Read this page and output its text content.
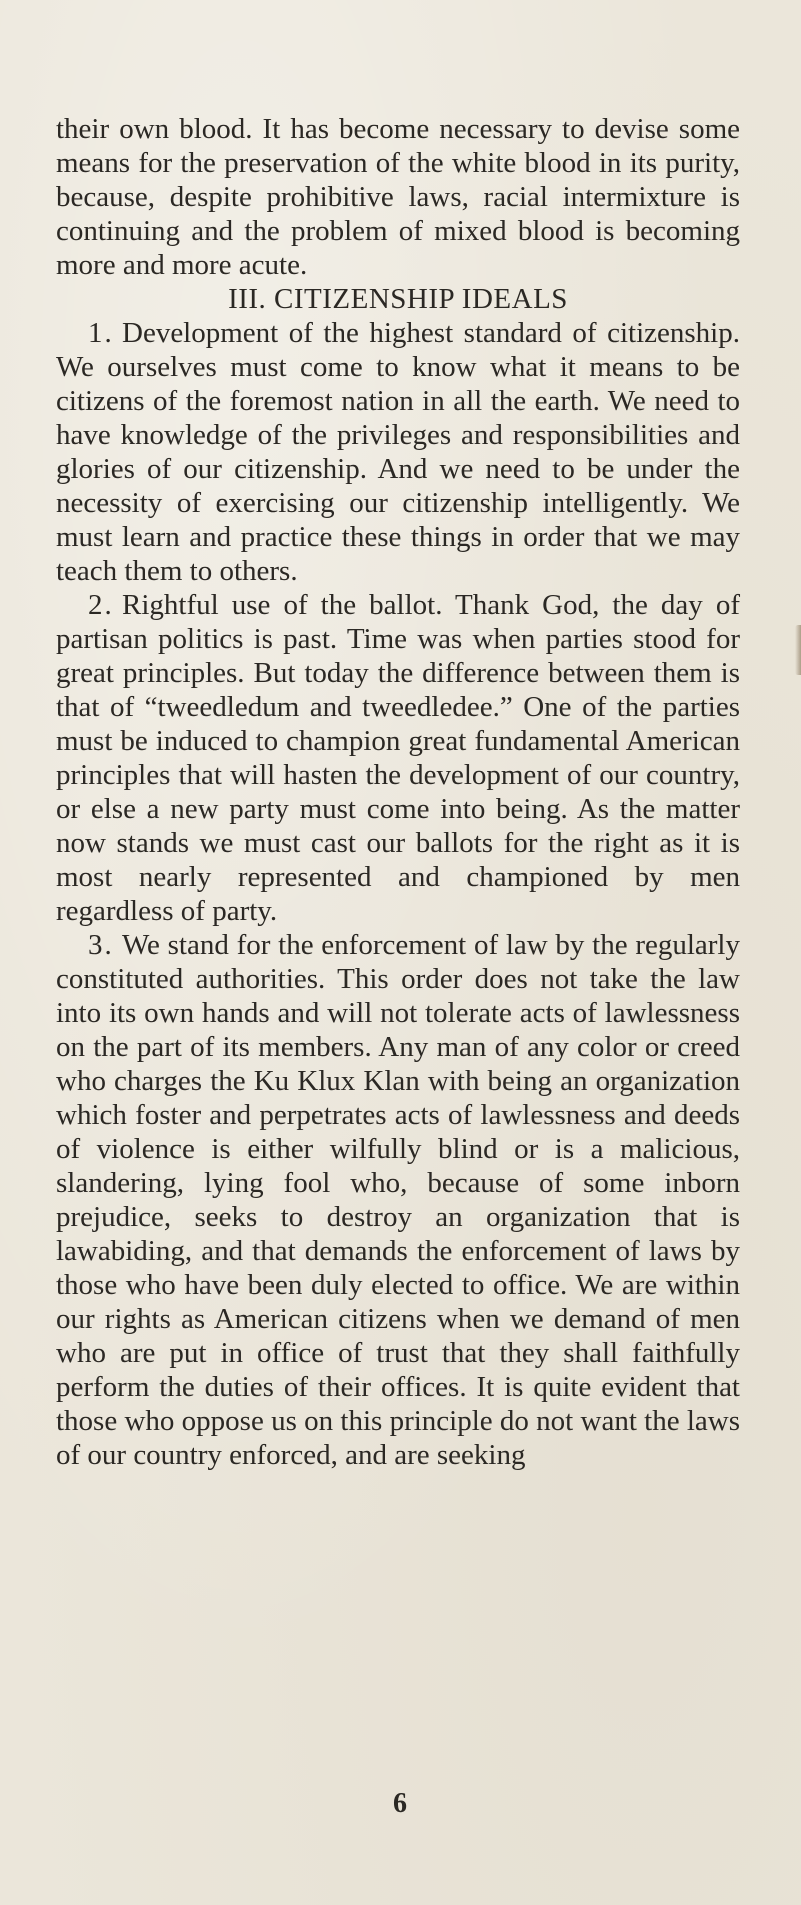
their own blood. It has become necessary to devise some means for the preservation of the white blood in its purity, because, despite prohibitive laws, racial intermixture is continuing and the problem of mixed blood is becoming more and more acute.

III. CITIZENSHIP IDEALS

1. Development of the highest standard of citizenship. We ourselves must come to know what it means to be citizens of the foremost nation in all the earth. We need to have knowledge of the privileges and responsibilities and glories of our citizenship. And we need to be under the necessity of exercising our citizenship intelligently. We must learn and practice these things in order that we may teach them to others.

2. Rightful use of the ballot. Thank God, the day of partisan politics is past. Time was when parties stood for great principles. But today the difference between them is that of “tweedledum and tweedledee.” One of the parties must be induced to champion great fundamental American principles that will hasten the development of our country, or else a new party must come into being. As the matter now stands we must cast our ballots for the right as it is most nearly represented and championed by men regardless of party.

3. We stand for the enforcement of law by the regularly constituted authorities. This order does not take the law into its own hands and will not tolerate acts of lawlessness on the part of its members. Any man of any color or creed who charges the Ku Klux Klan with being an organization which foster and perpetrates acts of lawlessness and deeds of violence is either wilfully blind or is a malicious, slandering, lying fool who, because of some inborn prejudice, seeks to destroy an organization that is lawabiding, and that demands the enforcement of laws by those who have been duly elected to office. We are within our rights as American citizens when we demand of men who are put in office of trust that they shall faithfully perform the duties of their offices. It is quite evident that those who oppose us on this principle do not want the laws of our country enforced, and are seeking

6
